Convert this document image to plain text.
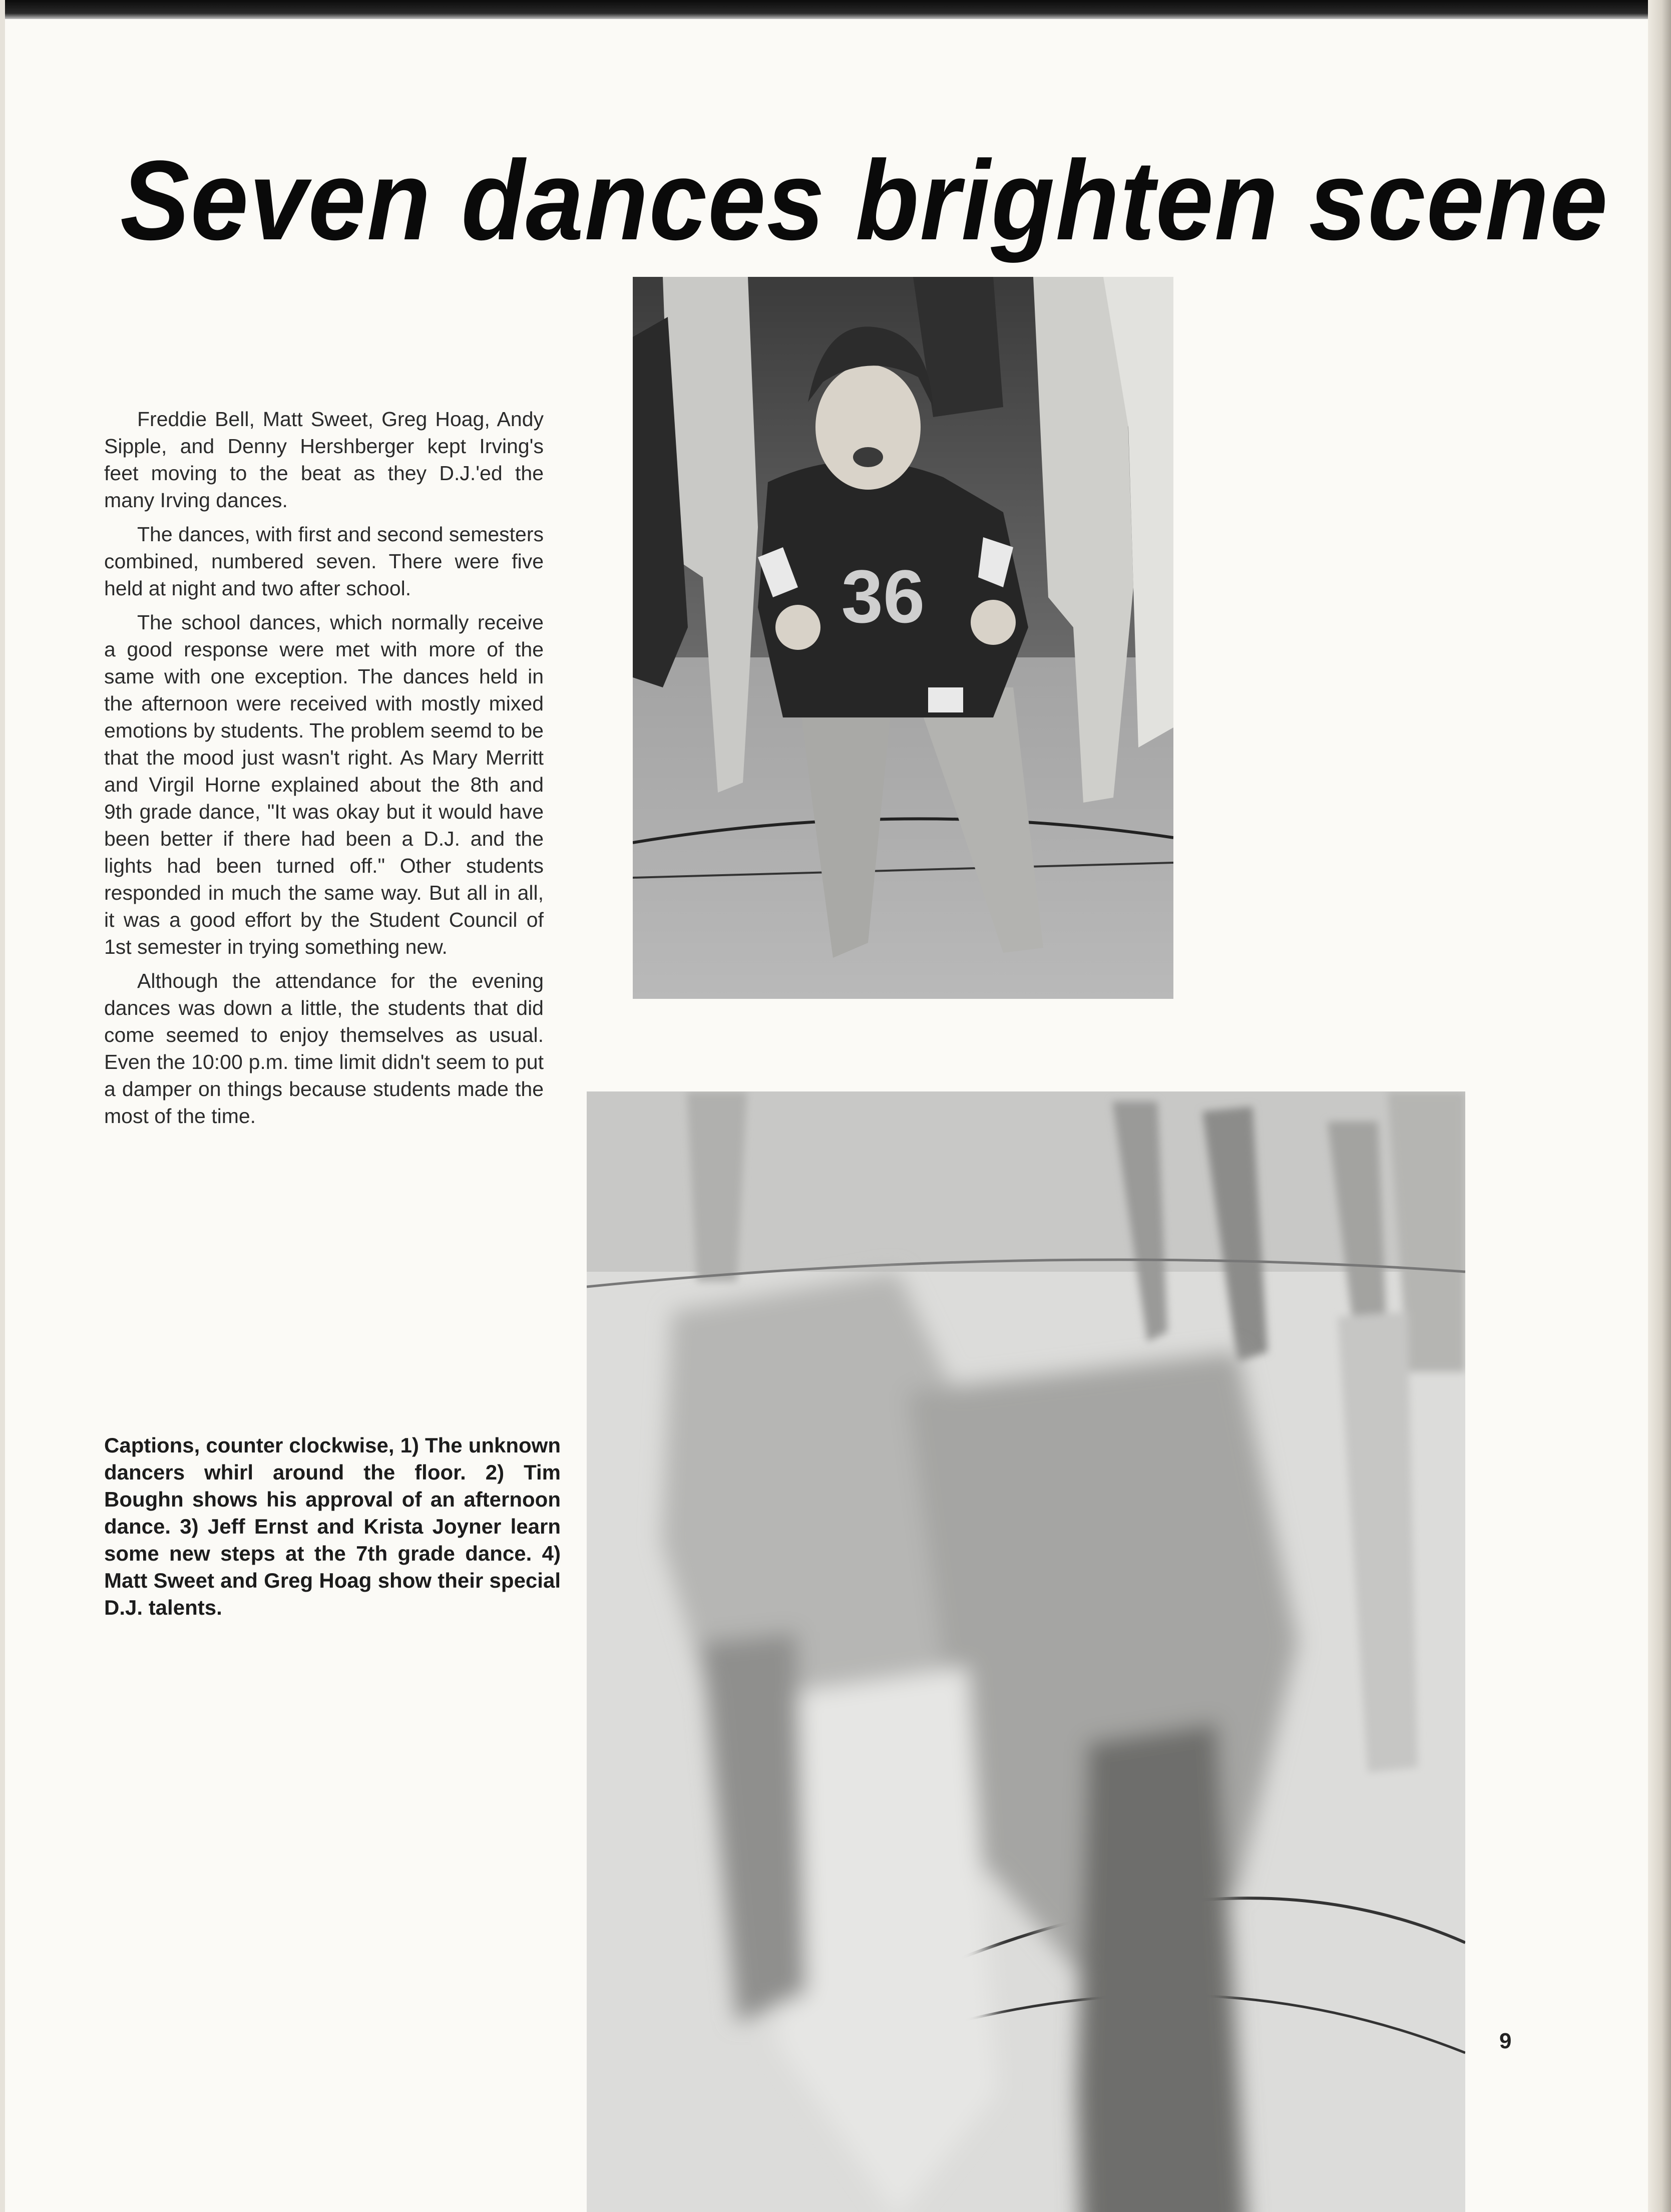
Seven dances brighten scene

Freddie Bell, Matt Sweet, Greg Hoag, Andy Sipple, and Denny Hershberger kept Irving's feet moving to the beat as they D.J.'ed the many Irving dances.

The dances, with first and second semesters combined, numbered seven. There were five held at night and two after school.

The school dances, which normally receive a good response were met with more of the same with one exception. The dances held in the afternoon were received with mostly mixed emotions by students. The problem seemd to be that the mood just wasn't right. As Mary Merritt and Virgil Horne explained about the 8th and 9th grade dance, "It was okay but it would have been better if there had been a D.J. and the lights had been turned off." Other students responded in much the same way. But all in all, it was a good effort by the Student Council of 1st semester in trying something new.

Although the attendance for the evening dances was down a little, the students that did come seemed to enjoy themselves as usual. Even the 10:00 p.m. time limit didn't seem to put a damper on things because students made the most of the time.

Captions, counter clockwise, 1) The unknown dancers whirl around the floor. 2) Tim Boughn shows his approval of an afternoon dance. 3) Jeff Ernst and Krista Joyner learn some new steps at the 7th grade dance. 4) Matt Sweet and Greg Hoag show their special D.J. talents.
36
9
